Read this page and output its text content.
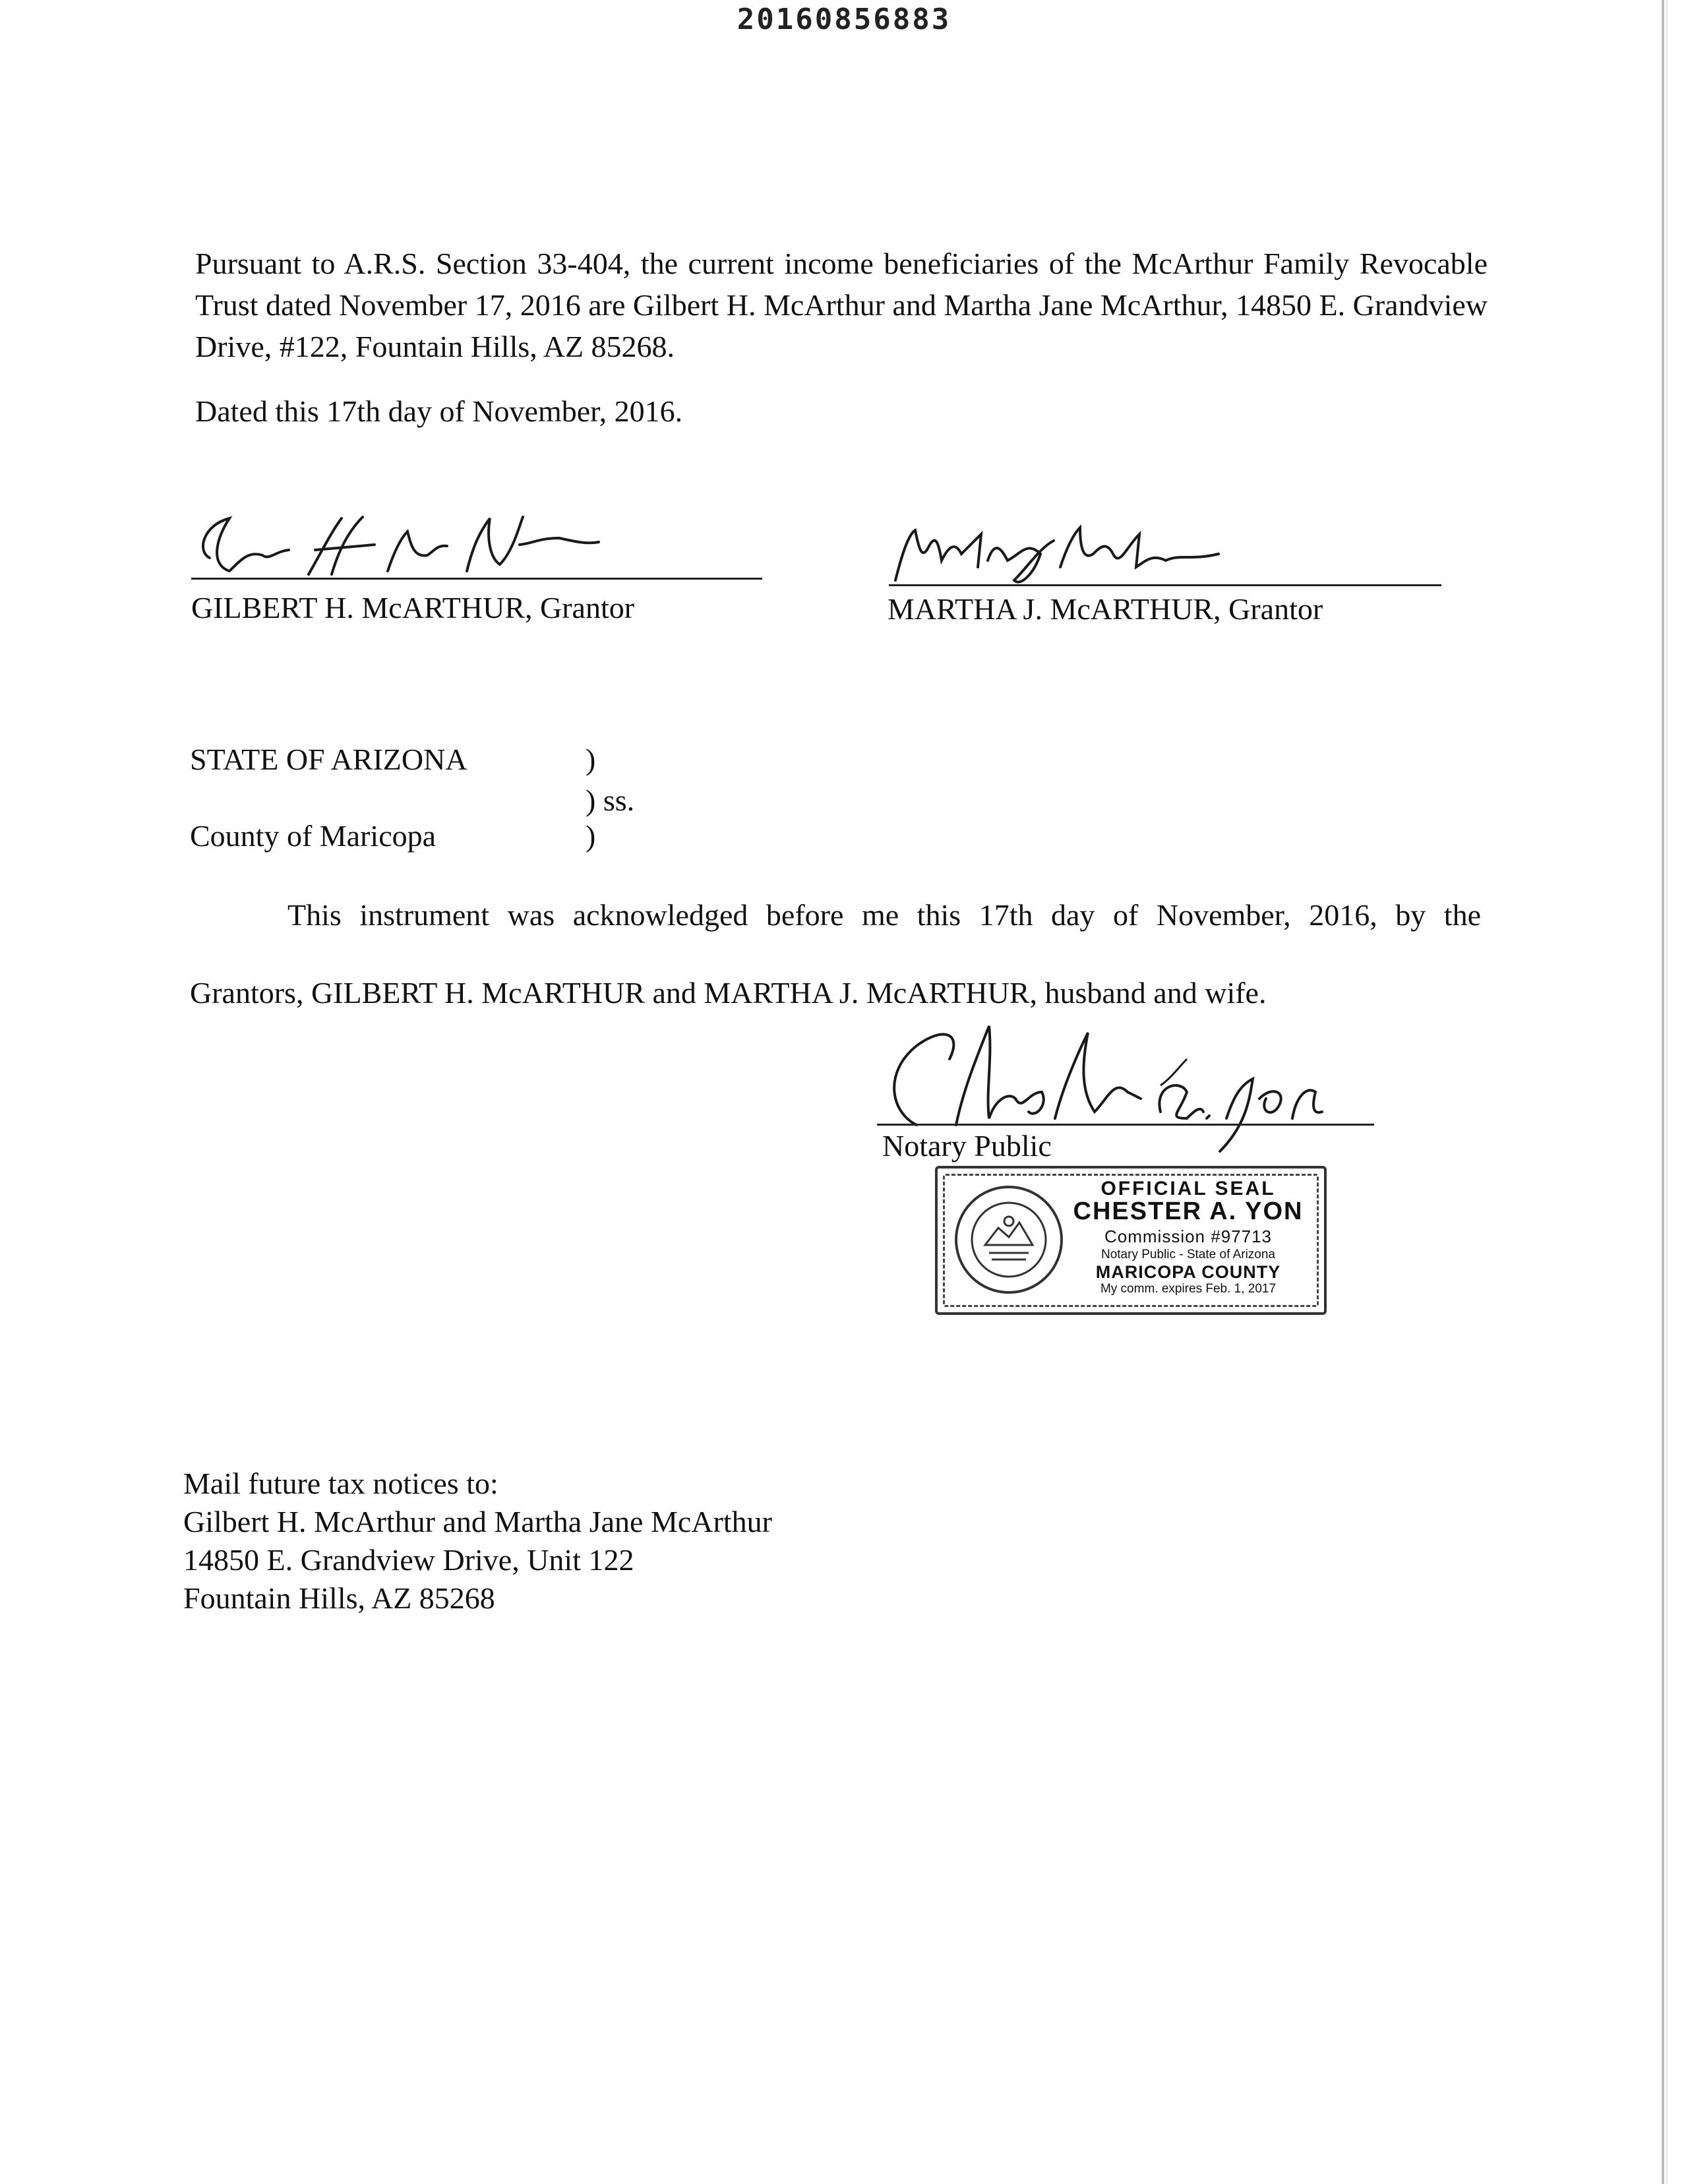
20160856883
Pursuant to A.R.S. Section 33-404, the current income beneficiaries of the McArthur Family Revocable Trust dated November 17, 2016 are Gilbert H. McArthur and Martha Jane McArthur, 14850 E. Grandview Drive, #122, Fountain Hills, AZ 85268.
Dated this 17th day of November, 2016.
GILBERT H. McARTHUR, Grantor	MARTHA J. McARTHUR, Grantor
STATE OF ARIZONA	)
) ss.
County of Maricopa	)
This instrument was acknowledged before me this 17th day of November, 2016, by the
Grantors, GILBERT H. McARTHUR and MARTHA J. McARTHUR, husband and wife.
Notary Public
OFFICIAL SEAL
CHESTER A. YON
Commission #97713
Notary Public - State of Arizona
MARICOPA COUNTY
My comm. expires Feb. 1, 2017
Mail future tax notices to:
Gilbert H. McArthur and Martha Jane McArthur
14850 E. Grandview Drive, Unit 122
Fountain Hills, AZ 85268
